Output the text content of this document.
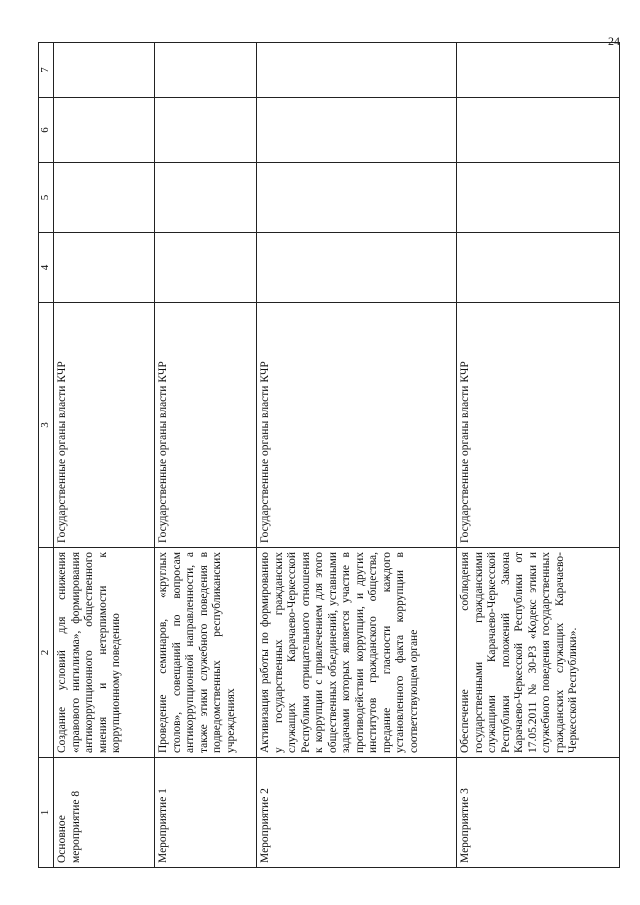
24
1	2	3	4	5	6	7
Основное мероприятие 8	Создание условий для снижения «правового нигилизма», формирования антикоррупционного общественного мнения и нетерпимости к коррупционному поведению	Государственные органы власти КЧР				
Мероприятие 1	Проведение семинаров, «круглых столов», совещаний по вопросам антикоррупционной направленности, а также этики служебного поведения в подведомственных республиканских учреждениях	Государственные органы власти КЧР				
Мероприятие 2	Активизация работы по формированию у государственных гражданских служащих Карачаево-Черкесской Республики отрицательного отношения к коррупции с привлечением для этого общественных объединений, уставными задачами которых является участие в противодействии коррупции, и других институтов гражданского общества, предание гласности каждого установленного факта коррупции в соответствующем органе	Государственные органы власти КЧР				
Мероприятие 3	Обеспечение соблюдения государственными гражданскими служащими Карачаево-Черкесской Республики положений Закона Карачаево-Черкесской Республики от 17.05.2011 № 30-РЗ «Кодекс этики и служебного поведения государственных гражданских служащих Карачаево-Черкесской Республики».	Государственные органы власти КЧР				
